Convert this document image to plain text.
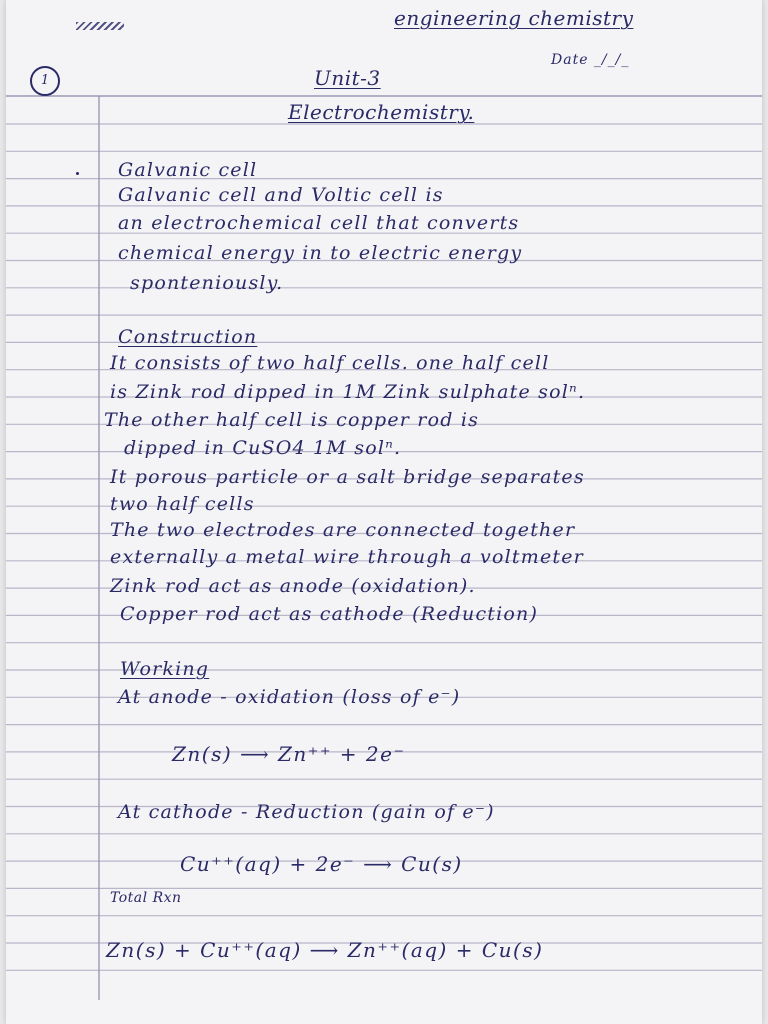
engineering chemistry
Date _/_/_
1	Unit-3
Electrochemistry.
Galvanic cell
Galvanic cell and Voltic cell is
an electrochemical cell that converts
chemical energy in to electric energy
sponteniously.
Construction
It consists of two half cells. one half cell
is Zink rod dipped in 1M Zink sulphate solⁿ.
The other half cell is copper rod is
dipped in CuSO4 1M solⁿ.
It porous particle or a salt bridge separates
two half cells
The two electrodes are connected together
externally a metal wire through a voltmeter
Zink rod act as anode (oxidation).
Copper rod act as cathode (Reduction)
Working
At anode - oxidation (loss of e⁻)
Zn(s) ⟶ Zn⁺⁺ + 2e⁻
At cathode - Reduction (gain of e⁻)
Cu⁺⁺(aq) + 2e⁻ ⟶ Cu(s)
Total Rxn
Zn(s) + Cu⁺⁺(aq) ⟶ Zn⁺⁺(aq) + Cu(s)
